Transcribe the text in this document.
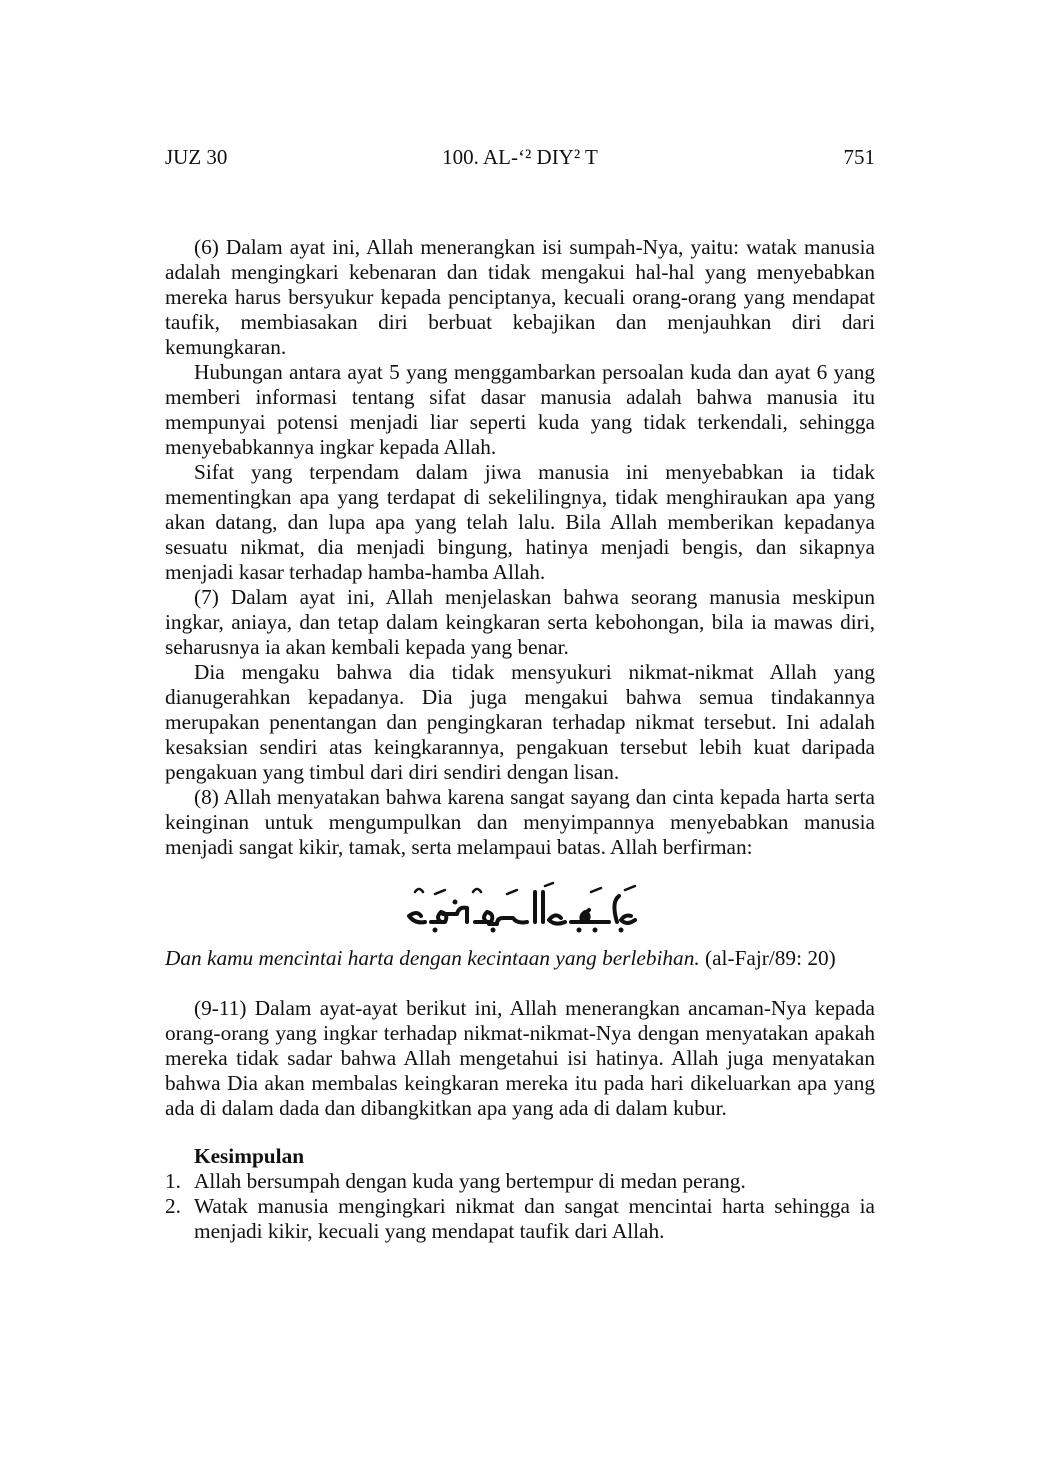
JUZ 30	100. AL-‘² DIY² T	751

(6) Dalam ayat ini, Allah menerangkan isi sumpah-Nya, yaitu: watak manusia adalah mengingkari kebenaran dan tidak mengakui hal-hal yang menyebabkan mereka harus bersyukur kepada penciptanya, kecuali orang-orang yang mendapat taufik, membiasakan diri berbuat kebajikan dan menjauhkan diri dari kemungkaran.

Hubungan antara ayat 5 yang menggambarkan persoalan kuda dan ayat 6 yang memberi informasi tentang sifat dasar manusia adalah bahwa manusia itu mempunyai potensi menjadi liar seperti kuda yang tidak terkendali, sehingga menyebabkannya ingkar kepada Allah.

Sifat yang terpendam dalam jiwa manusia ini menyebabkan ia tidak mementingkan apa yang terdapat di sekelilingnya, tidak menghiraukan apa yang akan datang, dan lupa apa yang telah lalu. Bila Allah memberikan kepadanya sesuatu nikmat, dia menjadi bingung, hatinya menjadi bengis, dan sikapnya menjadi kasar terhadap hamba-hamba Allah.

(7) Dalam ayat ini, Allah menjelaskan bahwa seorang manusia meskipun ingkar, aniaya, dan tetap dalam keingkaran serta kebohongan, bila ia mawas diri, seharusnya ia akan kembali kepada yang benar.

Dia mengaku bahwa dia tidak mensyukuri nikmat-nikmat Allah yang dianugerahkan kepadanya. Dia juga mengakui bahwa semua tindakannya merupakan penentangan dan pengingkaran terhadap nikmat tersebut. Ini adalah kesaksian sendiri atas keingkarannya, pengakuan tersebut lebih kuat daripada pengakuan yang timbul dari diri sendiri dengan lisan.

(8) Allah menyatakan bahwa karena sangat sayang dan cinta kepada harta serta keinginan untuk mengumpulkan dan menyimpannya menyebabkan manusia menjadi sangat kikir, tamak, serta melampaui batas. Allah berfirman:

Dan kamu mencintai harta dengan kecintaan yang berlebihan. (al-Fajr/89: 20)

(9-11) Dalam ayat-ayat berikut ini, Allah menerangkan ancaman-Nya kepada orang-orang yang ingkar terhadap nikmat-nikmat-Nya dengan menyatakan apakah mereka tidak sadar bahwa Allah mengetahui isi hatinya. Allah juga menyatakan bahwa Dia akan membalas keingkaran mereka itu pada hari dikeluarkan apa yang ada di dalam dada dan dibangkitkan apa yang ada di dalam kubur.

Kesimpulan

1. Allah bersumpah dengan kuda yang bertempur di medan perang.
2. Watak manusia mengingkari nikmat dan sangat mencintai harta sehingga ia menjadi kikir, kecuali yang mendapat taufik dari Allah.
